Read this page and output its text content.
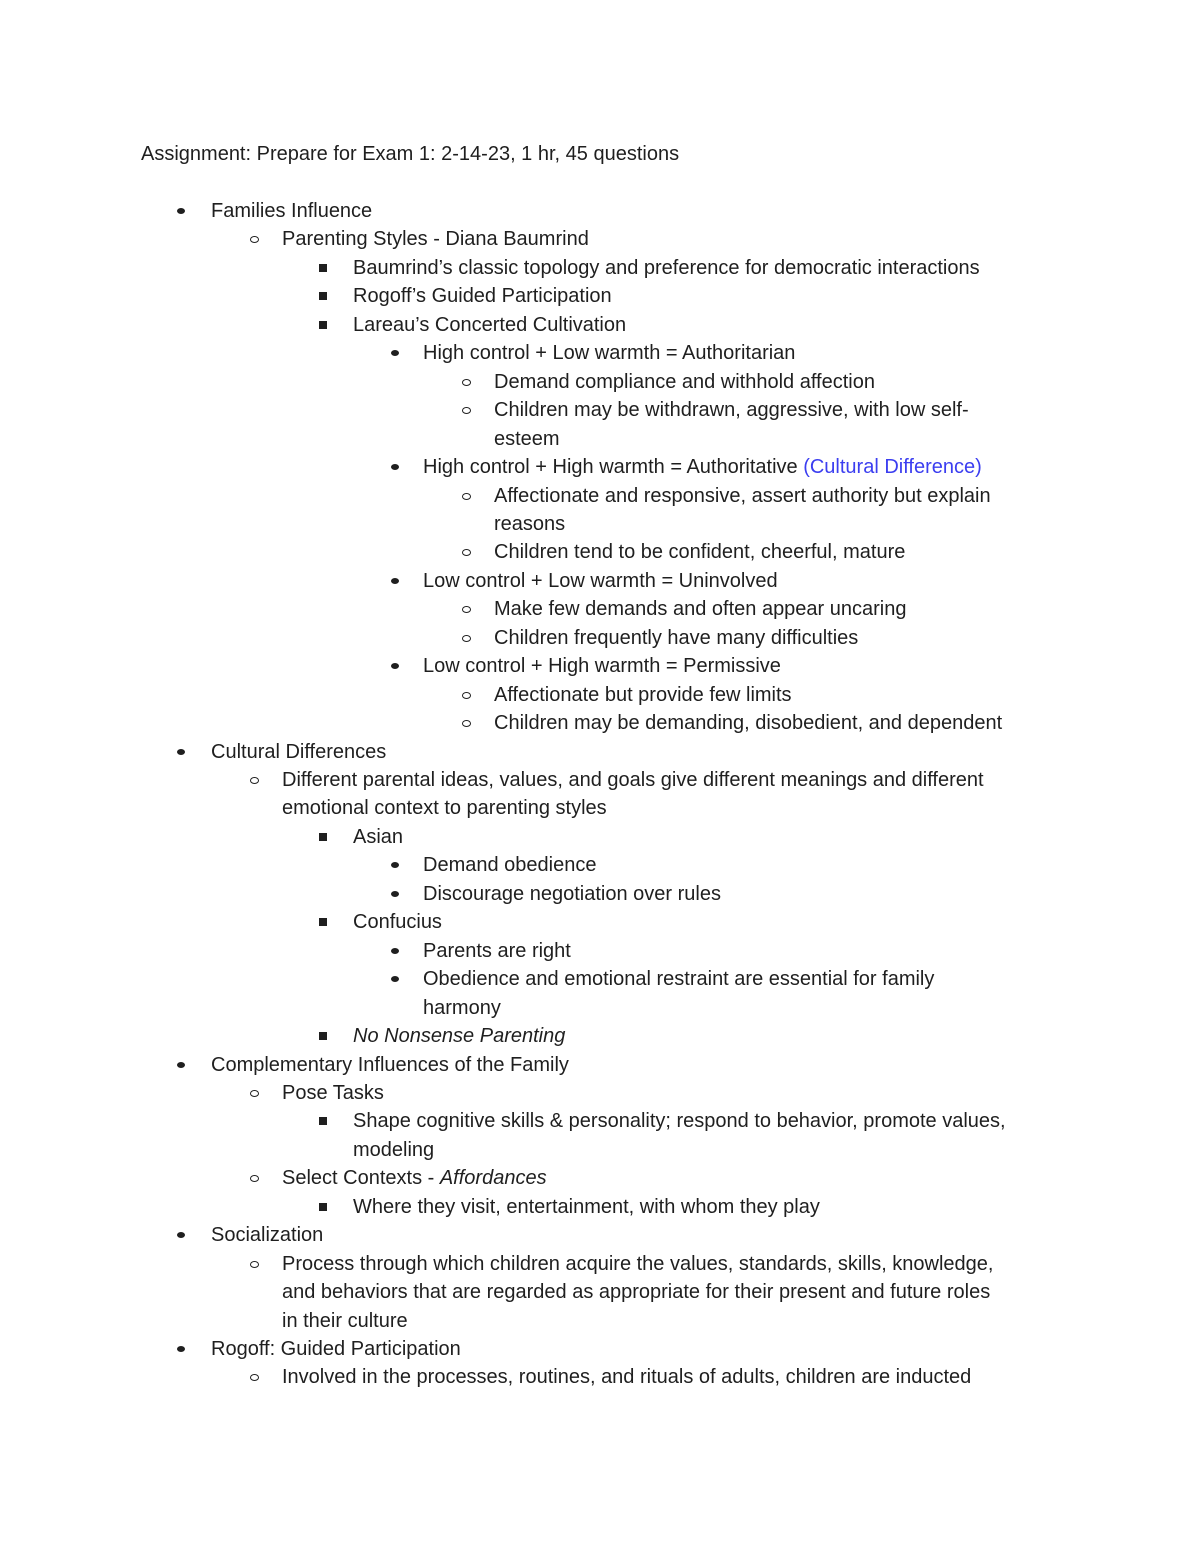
Assignment: Prepare for Exam 1: 2-14-23, 1 hr, 45 questions
Families Influence
Parenting Styles - Diana Baumrind
Baumrind’s classic topology and preference for democratic interactions
Rogoff’s Guided Participation
Lareau’s Concerted Cultivation
High control + Low warmth = Authoritarian
Demand compliance and withhold affection
Children may be withdrawn, aggressive, with low self-
esteem
High control + High warmth = Authoritative (Cultural Difference)
Affectionate and responsive, assert authority but explain
reasons
Children tend to be confident, cheerful, mature
Low control + Low warmth = Uninvolved
Make few demands and often appear uncaring
Children frequently have many difficulties
Low control + High warmth = Permissive
Affectionate but provide few limits
Children may be demanding, disobedient, and dependent
Cultural Differences
Different parental ideas, values, and goals give different meanings and different
emotional context to parenting styles
Asian
Demand obedience
Discourage negotiation over rules
Confucius
Parents are right
Obedience and emotional restraint are essential for family
harmony
No Nonsense Parenting
Complementary Influences of the Family
Pose Tasks
Shape cognitive skills & personality; respond to behavior, promote values,
modeling
Select Contexts - Affordances
Where they visit, entertainment, with whom they play
Socialization
Process through which children acquire the values, standards, skills, knowledge,
and behaviors that are regarded as appropriate for their present and future roles
in their culture
Rogoff: Guided Participation
Involved in the processes, routines, and rituals of adults, children are inducted
